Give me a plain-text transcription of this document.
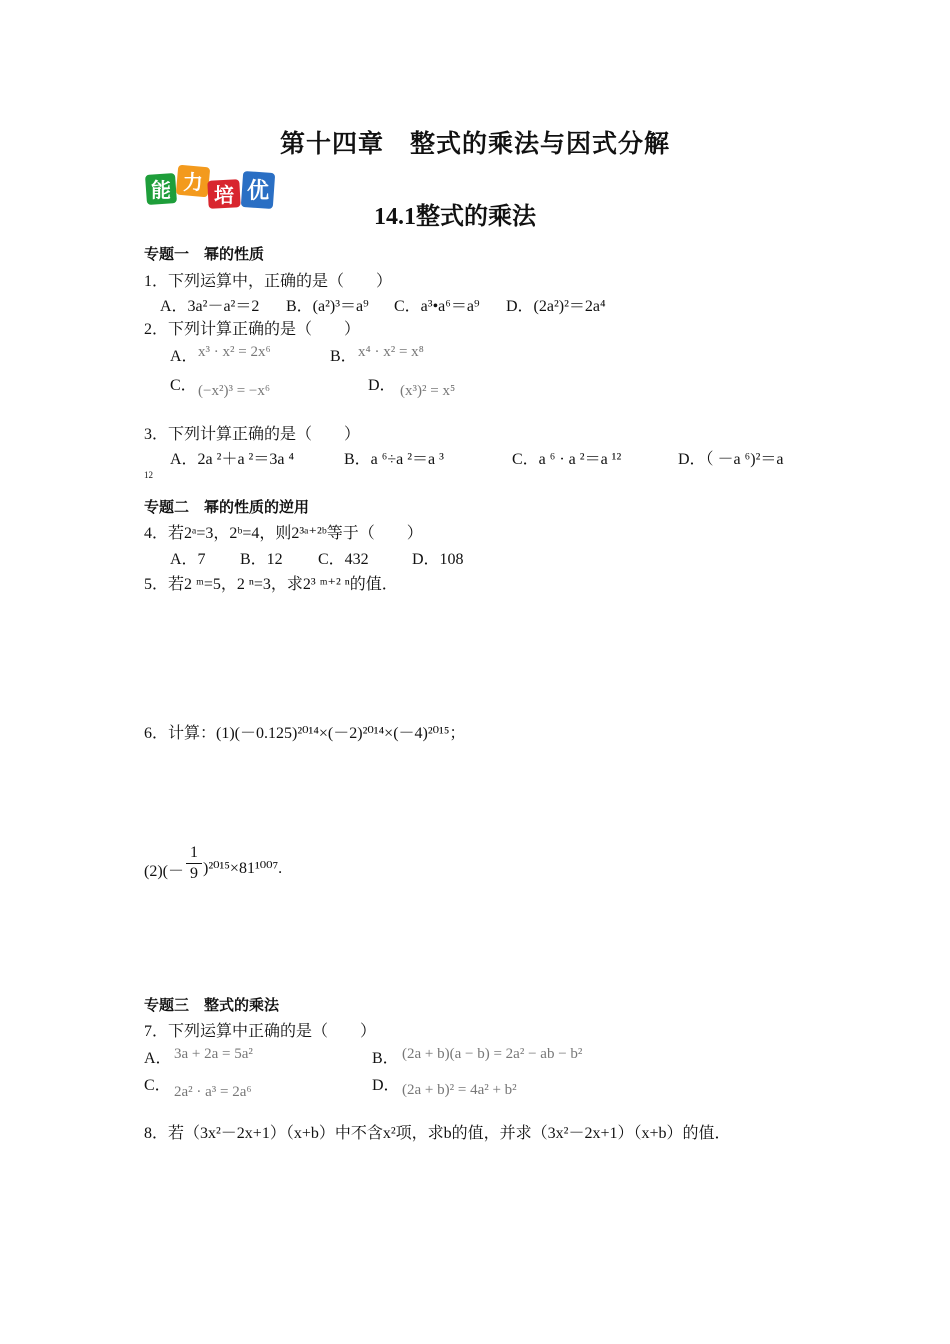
第十四章　整式的乘法与因式分解
能 力
培 优
14.1整式的乘法
专题一　幂的性质
1．下列运算中，正确的是（　　）
A．3a²－a²＝2 B．(a²)³＝a⁹ C．a³•a⁶＝a⁹ D．(2a²)²＝2a⁴
2．下列计算正确的是（　　）
A． x³ · x² = 2x⁶	B． x⁴ · x² = x⁸
C． (−x²)³ = −x⁶	D． (x³)² = x⁵
3．下列计算正确的是（　　）
A．2a ²＋a ²＝3a ⁴	B．a ⁶÷a ²＝a ³	C．a ⁶ · a ²＝a ¹²	D．（ －a ⁶)²＝a
12
专题二　幂的性质的逆用
4．若2ᵃ=3，2ᵇ=4，则2³ᵃ⁺²ᵇ等于（　　）
A．7 B．12 C．432	D．108
5．若2 ᵐ=5，2 ⁿ=3，求2³ ᵐ⁺² ⁿ的值．
6．计算：(1)(－0.125)²⁰¹⁴×(－2)²⁰¹⁴×(－4)²⁰¹⁵；
(2)(－
1
9 )²⁰¹⁵×81¹⁰⁰⁷.
专题三　整式的乘法
7．下列运算中正确的是（　　）
A． 3a + 2a = 5a²	B． (2a + b)(a − b) = 2a² − ab − b²
C． 2a² · a³ = 2a⁶	D． (2a + b)² = 4a² + b²
8．若（3x²－2x+1）（x+b）中不含x²项，求b的值，并求（3x²－2x+1）（x+b）的值．
